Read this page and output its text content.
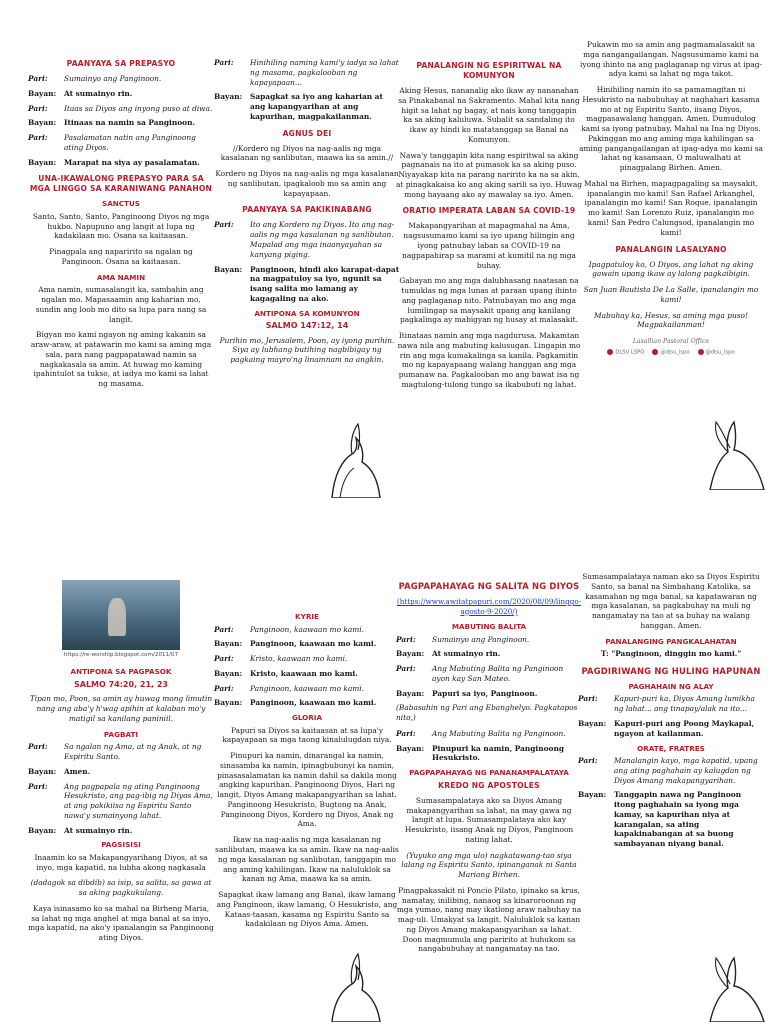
PAANYAYA SA PREPASYO
Pari:	Sumainyo ang Panginoon.
Bayan:	At sumainyo rin.
Pari:	Itaas sa Diyos ang inyong puso at diwa.
Bayan:	Itinaas na namin sa Panginoon.
Pari:	Pasalamatan natin ang Panginoong ating Diyos.
Bayan:	Marapat na siya ay pasalamatan.
UNA-IKAWALONG PREPASYO PARA SA MGA LINGGO SA KARANIWANG PANAHON
SANCTUS

Santo, Santo, Santo, Panginoong Diyos ng mga hukbo. Napupuno ang langit at lupa ng kadakilaan mo. Osana sa kaitaasan.

Pinagpala ang naparirito sa ngalan ng Panginoon. Osana sa kaitaasan.

AMA NAMIN

Ama namin, sumasalangit ka, sambahin ang ngalan mo. Mapasaamin ang kaharian mo, sundin ang loob mo dito sa lupa para nang sa langit.

Bigyan mo kami ngayon ng aming kakanin sa araw-araw, at patawarin mo kami sa aming mga sala, para nang pagpapatawad namin sa nagkakasala sa amin. At huwag mo kaming ipahintulot sa tukso, at iadya mo kami sa lahat ng masama.

Pari:	Hinihiling naming kami'y iadya sa lahat ng masama, pagkalooban ng kapayapaan...
Bayan:	Sapagkat sa iyo ang kaharian at ang kapangyarihan at ang kapurihan, magpakailanman.
AGNUS DEI

//Kordero ng Diyos na nag-aalis ng mga kasalanan ng sanlibutan, maawa ka sa amin.//

Kordero ng Diyos na nag-aalis ng mga kasalanan ng sanlibutan, ipagkaloob mo sa amin ang kapayapaan.

PAANYAYA SA PAKIKINABANG
Pari:	Ito ang Kordero ng Diyos. Ito ang nag-aalis ng mga kasalanan ng sanlibutan. Mapalad ang mga inaanyayahan sa kanyang piging.
Bayan:	Panginoon, hindi ako karapat-dapat na magpatuloy sa iyo, ngunit sa isang salita mo lamang ay kagagaling na ako.
ANTIPONA SA KOMUNYON
SALMO 147:12, 14

Purihin mo, Jerusalem, Poon, ay iyong purihin. Siya ay lubhang butihing nagbibigay ng pagkaing mayro'ng linamnam na angkin.

PANALANGIN NG ESPIRITWAL NA KOMUNYON

Aking Hesus, nananalig ako ikaw ay nananahan sa Pinakabanal na Sakramento. Mahal kita nang higit sa lahat ng bagay, at nais kong tanggapin ka sa aking kaluluwa. Subalit sa sandaling ito ikaw ay hindi ko matatanggap sa Banal na Komunyon.

Nawa'y tanggapin kita nang espiritwal sa aking pagnanais na ito at pumasok ka sa aking puso. Niyayakap kita na parang naririto ka na sa akin, at pinagkakaisa ko ang aking sarili sa iyo. Huwag mong hayaang ako ay mawalay sa iyo. Amen.

ORATIO IMPERATA LABAN SA COVID-19

Makapangyarihan at mapagmahal na Ama, nagsusumamo kami sa iyo upang hilingin ang iyong patnubay laban sa COVID-19 na nagpapahirap sa marami at kumitil na ng mga buhay.

Gabayan mo ang mga dalubhasang naatasan na tumuklas ng mga lunas at paraan upang ihinto ang paglaganap nito. Patnubayan mo ang mga lumilingap sa maysakit upang ang kanilang pagkalinga ay mabigyan ng husay at malasakit.

Itinataas namin ang mga nagdurusa. Makamtan nawa nila ang mabuting kalusugan. Lingapin mo rin ang mga kumakalinga sa kanila. Pagkamitin mo ng kapayapaang walang hanggan ang mga pumanaw na. Pagkalooban mo ang bawat isa ng magtulong-tulong tungo sa ikabubuti ng lahat.

Pukawin mo sa amin ang pagmamalasakit sa mga nangangailangan. Nagsusumamo kami na iyong ihinto na ang paglaganap ng virus at ipag-adya kami sa lahat ng mga takot.

Hinihiling namin ito sa pamamagitan ni Hesukristo na nabubuhay at naghahari kasama mo at ng Espiritu Santo, iisang Diyos, magpasawalang hanggan. Amen. Dumudulog kami sa iyong patnubay, Mahal na Ina ng Diyos. Pakinggan mo ang aming mga kahilingan sa aming pangangailangan at ipag-adya mo kami sa lahat ng kasamaan, O maluwalhati at pinagpalang Birhen. Amen.

Mahal na Birhen, mapagpagaling sa maysakit, ipanalangin mo kami! San Rafael Arkanghel, ipanalangin mo kami! San Roque, ipanalangin mo kami! San Lorenzo Ruiz, ipanalangin mo kami! San Pedro Calungsod, ipanalangin mo kami!

PANALANGIN LASALYANO

Ipagpatuloy ko, O Diyos, ang lahat ng aking gawain upang ikaw ay lalong pagkaibigin.

San Juan Bautista De La Salle, ipanalangin mo kami!

Mabuhay ka, Hesus, sa aming mga puso! Magpakailanman!

Lasallian Pastoral Office
DLSU LSPO	@dlsu_lspo	@dlsu_lspo
https://re-worship.blogspot.com/2011/07
ANTIPONA SA PAGPASOK
SALMO 74:20, 21, 23

Tipan mo, Poon, sa amin ay huwag mong limutin nang ang aba'y h'wag apihin at kalaban mo'y matigil sa kanilang paniniil.

PAGBATI
Pari:	Sa ngalan ng Ama, at ng Anak, at ng Espiritu Santo.
Bayan:	Amen.
Pari:	Ang pagpapala ng ating Panginoong Hesukristo, ang pag-ibig ng Diyos Ama, at ang pakikiisa ng Espiritu Santo nawa'y sumainyong lahat.
Bayan:	At sumainyo rin.
PAGSISISI

Inaamin ko sa Makapangyarihang Diyos, at sa inyo, mga kapatid, na lubha akong nagkasala

(dadagok sa dibdib) sa isip, sa salita, sa gawa at sa aking pagkukulang.

Kaya isinasamo ko sa mahal na Birheng Maria, sa lahat ng mga anghel at mga banal at sa inyo, mga kapatid, na ako'y ipanalangin sa Panginoong ating Diyos.

KYRIE
Pari:	Panginoon, kaawaan mo kami.
Bayan:	Panginoon, kaawaan mo kami.
Pari:	Kristo, kaawaan mo kami.
Bayan:	Kristo, kaawaan mo kami.
Pari:	Panginoon, kaawaan mo kami.
Bayan:	Panginoon, kaawaan mo kami.
GLORIA

Papuri sa Diyos sa kaitaasan at sa lupa'y kapayapaan sa mga taong kinalulugdan niya.

Pinupuri ka namin, dinarangal ka namin, sinasamba ka namin, ipinagbubunyi ka namin, pinasasalamatan ka namin dahil sa dakila mong angking kapurihan. Panginoong Diyos, Hari ng langit, Diyos Amang makapangyarihan sa lahat. Panginoong Hesukristo, Bugtong na Anak, Panginoong Diyos, Kordero ng Diyos, Anak ng Ama.

Ikaw na nag-aalis ng mga kasalanan ng sanlibutan, maawa ka sa amin. Ikaw na nag-aalis ng mga kasalanan ng sanlibutan, tanggapin mo ang aming kahilingan. Ikaw na naluluklok sa kanan ng Ama, maawa ka sa amin.

Sapagkat ikaw lamang ang Banal, ikaw lamang ang Panginoon, ikaw lamang, O Hesukristo, ang Kataas-taasan, kasama ng Espiritu Santo sa kadakilaan ng Diyos Ama. Amen.

PAGPAPAHAYAG NG SALITA NG DIYOS
(https://www.awitatpapuri.com/2020/08/09/linggo-agosto-9-2020/)
MABUTING BALITA
Pari:	Sumainyo ang Panginoon.
Bayan:	At sumainyo rin.
Pari:	Ang Mabuting Balita ng Panginoon ayon kay San Mateo.
Bayan:	Papuri sa iyo, Panginoon.

(Babasahin ng Pari ang Ebanghelyo. Pagkatapos nito,)

Pari:	Ang Mabuting Balita ng Panginoon.
Bayan:	Pinupuri ka namin, Panginoong Hesukristo.
PAGPAPAHAYAG NG PANANAMPALATAYA
KREDO NG APOSTOLES

Sumasampalataya ako sa Diyos Amang makapangyarihan sa lahat, na may gawa ng langit at lupa. Sumasampalataya ako kay Hesukristo, iisang Anak ng Diyos, Panginoon nating lahat.

(Yuyuko ang mga ulo) nagkatawang-tao siya lalang ng Espiritu Santo, ipinanganak ni Santa Mariang Birhen.

Pinagpakasakit ni Poncio Pilato, ipinako sa krus, namatay, inilibing, nanaog sa kinaroroonan ng mga yumao, nang may ikatlong araw nabuhay na mag-uli. Umakyat sa langit. Naluluklok sa kanan ng Diyos Amang makapangyarihan sa lahat. Doon magmumula ang paririto at huhukom sa nangabubuhay at nangamatay na tao.

Sumasampalataya naman ako sa Diyos Espiritu Santo, sa banal na Simbahang Katolika, sa kasamahan ng mga banal, sa kapatawaran ng mga kasalanan, sa pagkabuhay na muli ng nangamatay na tao at sa buhay na walang hanggan. Amen.

PANALANGING PANGKALAHATAN

T: "Panginoon, dinggin mo kami."

PAGDIRIWANG NG HULING HAPUNAN
PAGHAHAIN NG ALAY
Pari:	Kapuri-puri ka, Diyos Amang lumikha ng lahat... ang tinapay/alak na ito...
Bayan:	Kapuri-puri ang Poong Maykapal, ngayon at kailanman.
ORATE, FRATRES
Pari:	Manalangin kayo, mga kapatid, upang ang ating paghahain ay kalugdan ng Diyos Amang makapangyarihan.
Bayan:	Tanggapin nawa ng Panginoon itong paghahain sa iyong mga kamay, sa kapurihan niya at karangalan, sa ating kapakinabangan at sa buong sambayanan niyang banal.
